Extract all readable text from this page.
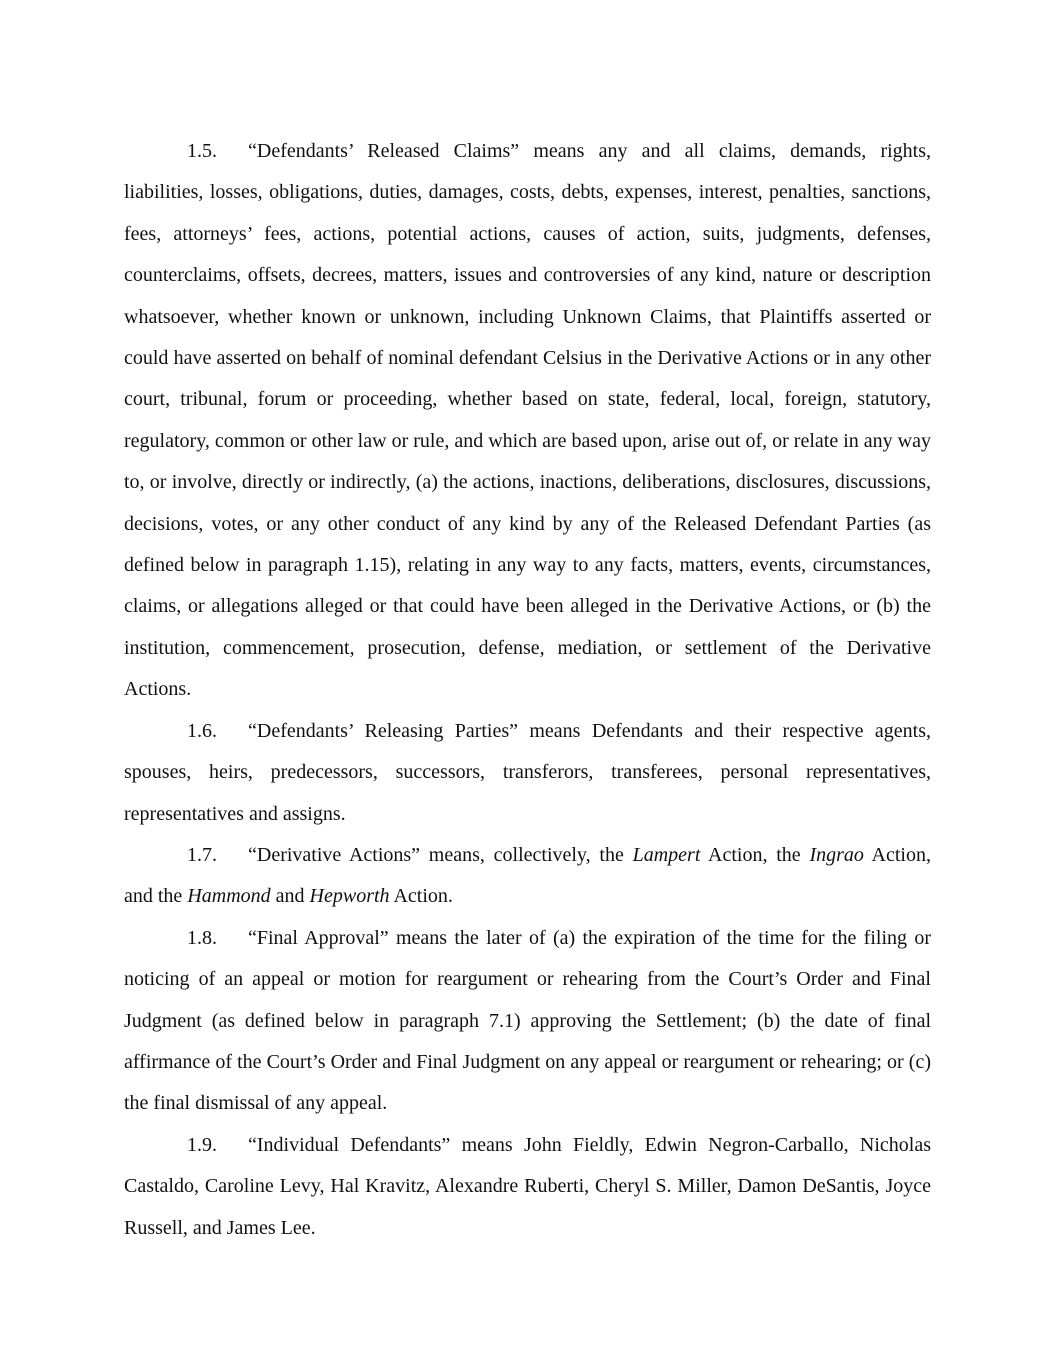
1.5. “Defendants’ Released Claims” means any and all claims, demands, rights, liabilities, losses, obligations, duties, damages, costs, debts, expenses, interest, penalties, sanctions, fees, attorneys’ fees, actions, potential actions, causes of action, suits, judgments, defenses, counterclaims, offsets, decrees, matters, issues and controversies of any kind, nature or description whatsoever, whether known or unknown, including Unknown Claims, that Plaintiffs asserted or could have asserted on behalf of nominal defendant Celsius in the Derivative Actions or in any other court, tribunal, forum or proceeding, whether based on state, federal, local, foreign, statutory, regulatory, common or other law or rule, and which are based upon, arise out of, or relate in any way to, or involve, directly or indirectly, (a) the actions, inactions, deliberations, disclosures, discussions, decisions, votes, or any other conduct of any kind by any of the Released Defendant Parties (as defined below in paragraph 1.15), relating in any way to any facts, matters, events, circumstances, claims, or allegations alleged or that could have been alleged in the Derivative Actions, or (b) the institution, commencement, prosecution, defense, mediation, or settlement of the Derivative Actions.

1.6. “Defendants’ Releasing Parties” means Defendants and their respective agents, spouses, heirs, predecessors, successors, transferors, transferees, personal representatives, representatives and assigns.

1.7. “Derivative Actions” means, collectively, the Lampert Action, the Ingrao Action, and the Hammond and Hepworth Action.

1.8. “Final Approval” means the later of (a) the expiration of the time for the filing or noticing of an appeal or motion for reargument or rehearing from the Court’s Order and Final Judgment (as defined below in paragraph 7.1) approving the Settlement; (b) the date of final affirmance of the Court’s Order and Final Judgment on any appeal or reargument or rehearing; or (c) the final dismissal of any appeal.

1.9. “Individual Defendants” means John Fieldly, Edwin Negron-Carballo, Nicholas Castaldo, Caroline Levy, Hal Kravitz, Alexandre Ruberti, Cheryl S. Miller, Damon DeSantis, Joyce Russell, and James Lee.
